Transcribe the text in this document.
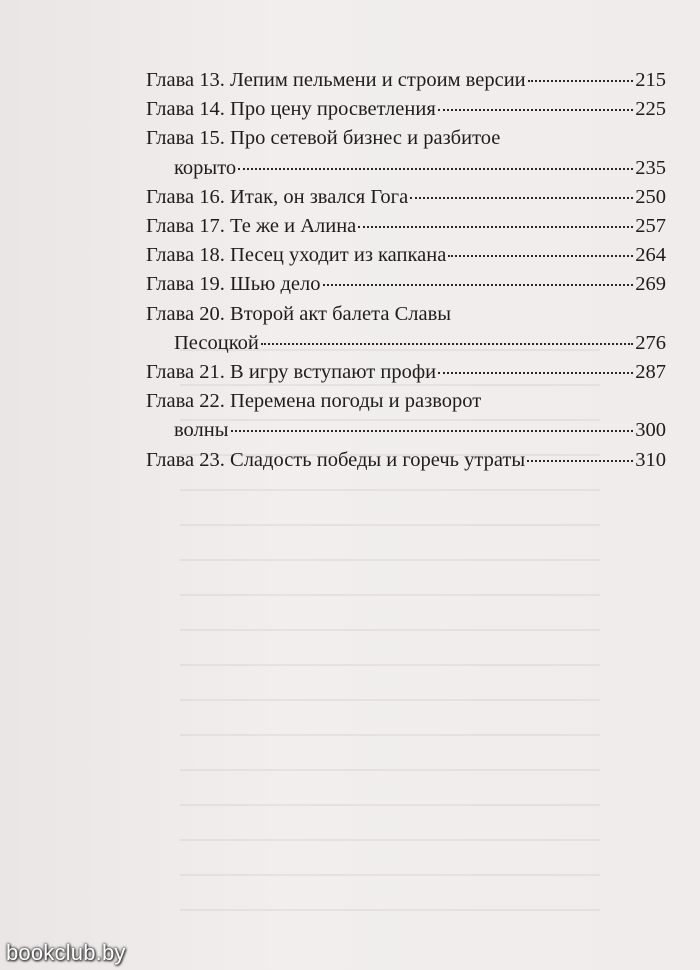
Глава 13. Лепим пельмени и строим версии	215
Глава 14. Про цену просветления	225
Глава 15. Про сетевой бизнес и разбитое
корыто	235
Глава 16. Итак, он звался Гога	250
Глава 17. Те же и Алина	257
Глава 18. Песец уходит из капкана	264
Глава 19. Шью дело	269
Глава 20. Второй акт балета Славы
Песоцкой	276
Глава 21. В игру вступают профи	287
Глава 22. Перемена погоды и разворот
волны	300
Глава 23. Сладость победы и горечь утраты	310
bookclub.by
